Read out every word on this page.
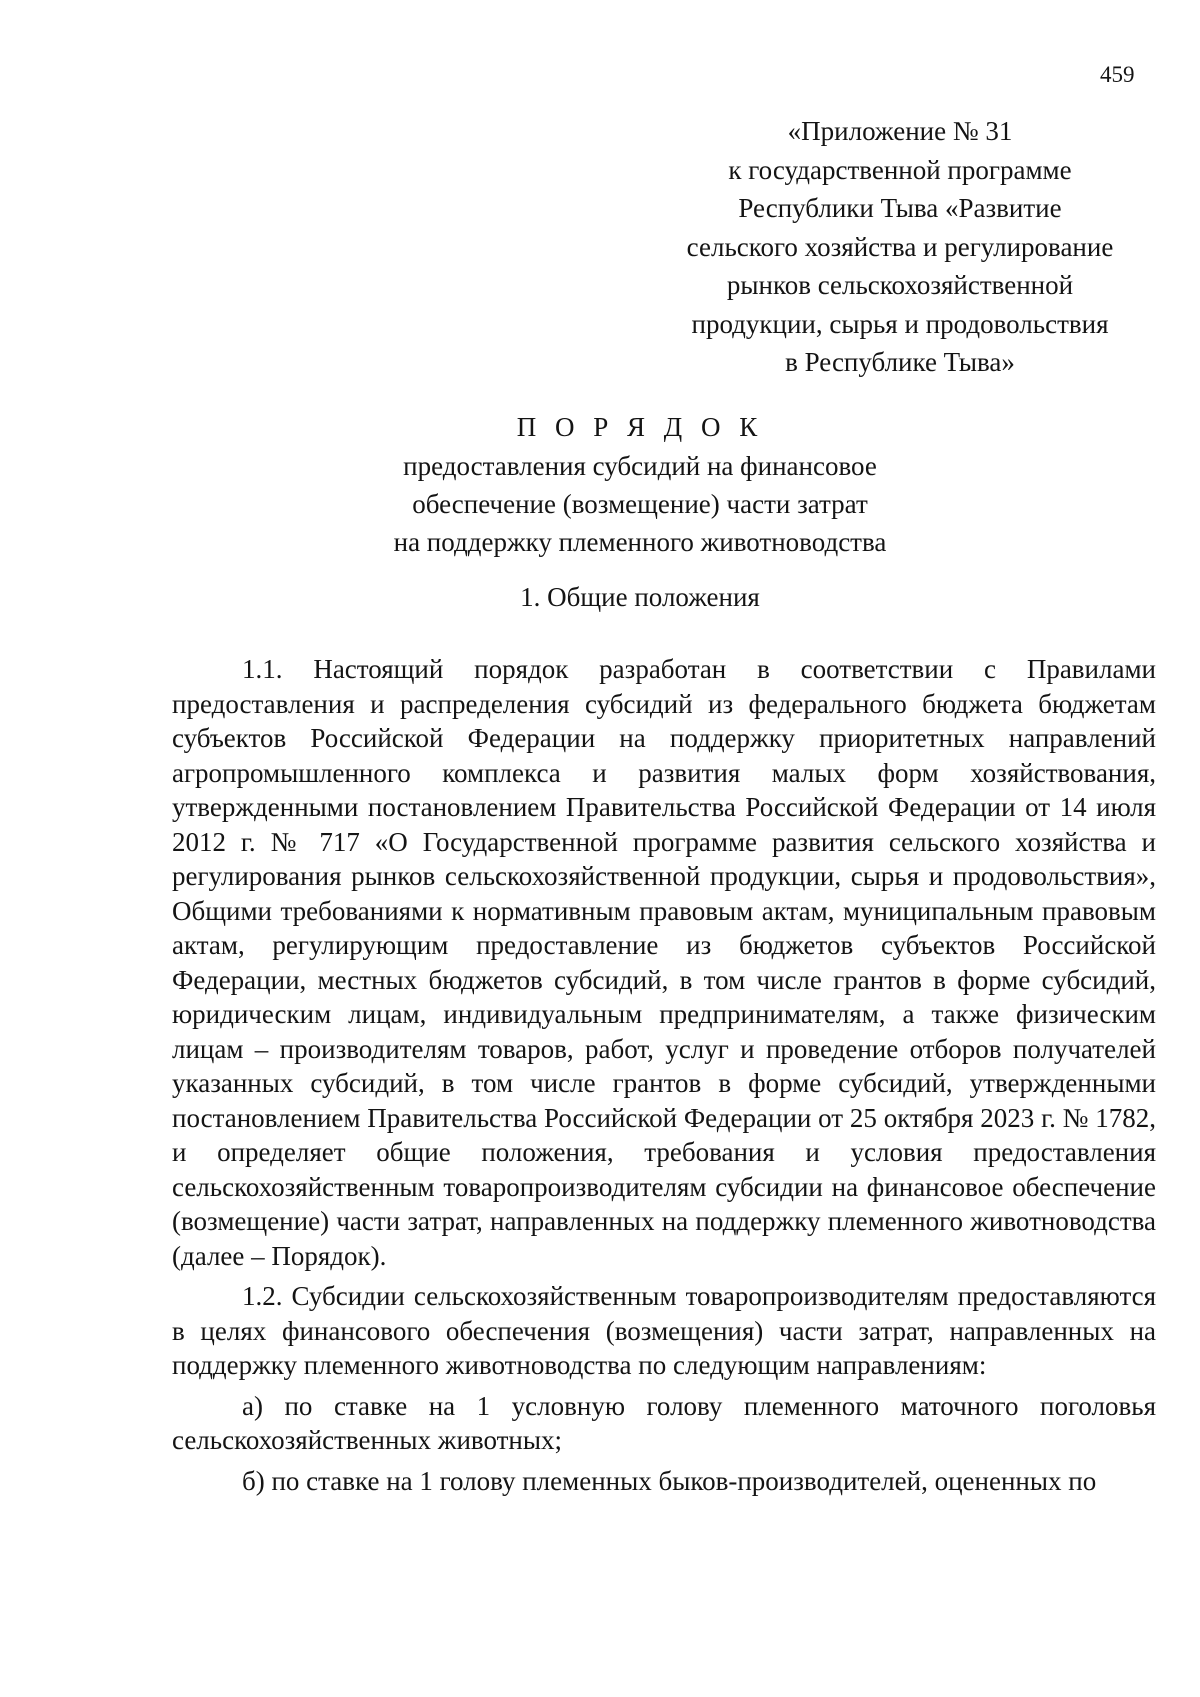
459
«Приложение № 31
к государственной программе
Республики Тыва «Развитие
сельского хозяйства и регулирование
рынков сельскохозяйственной
продукции, сырья и продовольствия
в Республике Тыва»
П О Р Я Д О К
предоставления субсидий на финансовое
обеспечение (возмещение) части затрат
на поддержку племенного животноводства
1. Общие положения

1.1. Настоящий порядок разработан в соответствии с Правилами предоставления и распределения субсидий из федерального бюджета бюджетам субъектов Российской Федерации на поддержку приоритетных направлений агропромышленного комплекса и развития малых форм хозяйствования, утвержденными постановлением Правительства Российской Федерации от 14 июля 2012 г. № 717 «О Государственной программе развития сельского хозяйства и регулирования рынков сельскохозяйственной продукции, сырья и продовольствия», Общими требованиями к нормативным правовым актам, муниципальным правовым актам, регулирующим предоставление из бюджетов субъектов Российской Федерации, местных бюджетов субсидий, в том числе грантов в форме субсидий, юридическим лицам, индивидуальным предпринимателям, а также физическим лицам – производителям товаров, работ, услуг и проведение отборов получателей указанных субсидий, в том числе грантов в форме субсидий, утвержденными постановлением Правительства Российской Федерации от 25 октября 2023 г. № 1782, и определяет общие положения, требования и условия предоставления сельскохозяйственным товаропроизводителям субсидии на финансовое обеспечение (возмещение) части затрат, направленных на поддержку племенного животноводства (далее – Порядок).

1.2. Субсидии сельскохозяйственным товаропроизводителям предоставляются в целях финансового обеспечения (возмещения) части затрат, направленных на поддержку племенного животноводства по следующим направлениям:

а) по ставке на 1 условную голову племенного маточного поголовья сельскохозяйственных животных;

б) по ставке на 1 голову племенных быков-производителей, оцененных по
